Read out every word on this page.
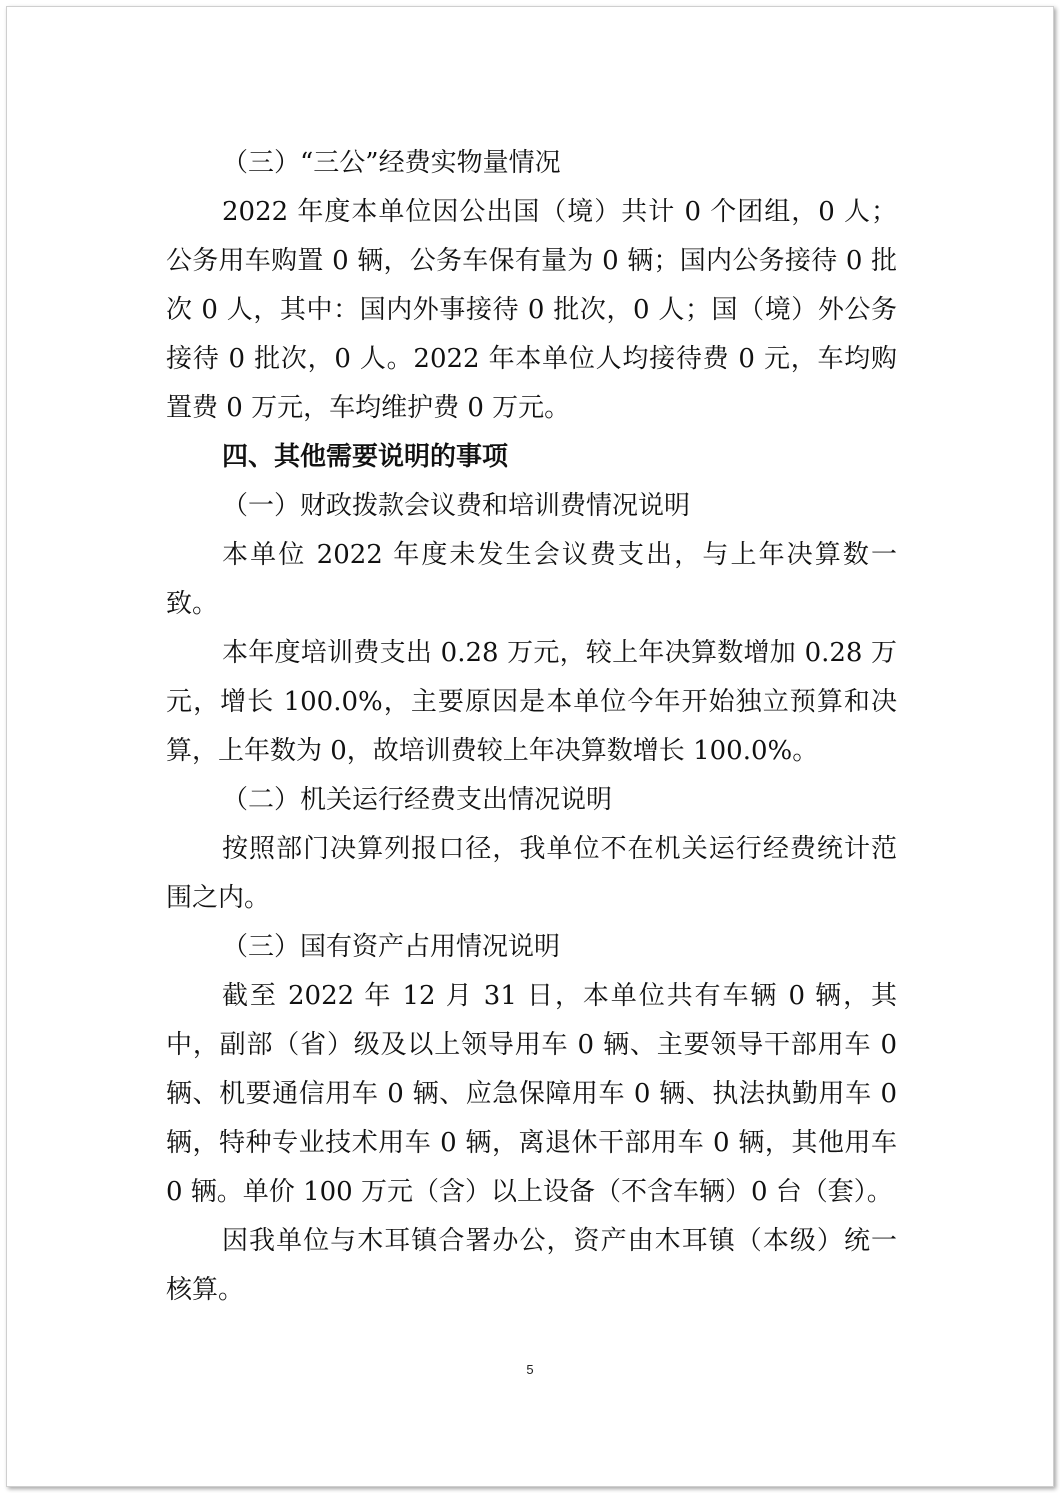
（三）“三公”经费实物量情况

2022 年度本单位因公出国（境）共计 0 个团组，0 人；公务用车购置 0 辆，公务车保有量为 0 辆；国内公务接待 0 批次 0 人，其中：国内外事接待 0 批次，0 人；国（境）外公务接待 0 批次，0 人。2022 年本单位人均接待费 0 元，车均购置费 0 万元，车均维护费 0 万元。

四、其他需要说明的事项

（一）财政拨款会议费和培训费情况说明

本单位 2022 年度未发生会议费支出，与上年决算数一致。

本年度培训费支出 0.28 万元，较上年决算数增加 0.28 万元，增长 100.0%，主要原因是本单位今年开始独立预算和决算，上年数为 0，故培训费较上年决算数增长 100.0%。

（二）机关运行经费支出情况说明

按照部门决算列报口径，我单位不在机关运行经费统计范围之内。

（三）国有资产占用情况说明

截至 2022 年 12 月 31 日，本单位共有车辆 0 辆，其中，副部（省）级及以上领导用车 0 辆、主要领导干部用车 0 辆、机要通信用车 0 辆、应急保障用车 0 辆、执法执勤用车 0 辆，特种专业技术用车 0 辆，离退休干部用车 0 辆，其他用车 0 辆。单价 100 万元（含）以上设备（不含车辆）0 台（套）。

因我单位与木耳镇合署办公，资产由木耳镇（本级）统一核算。

5
